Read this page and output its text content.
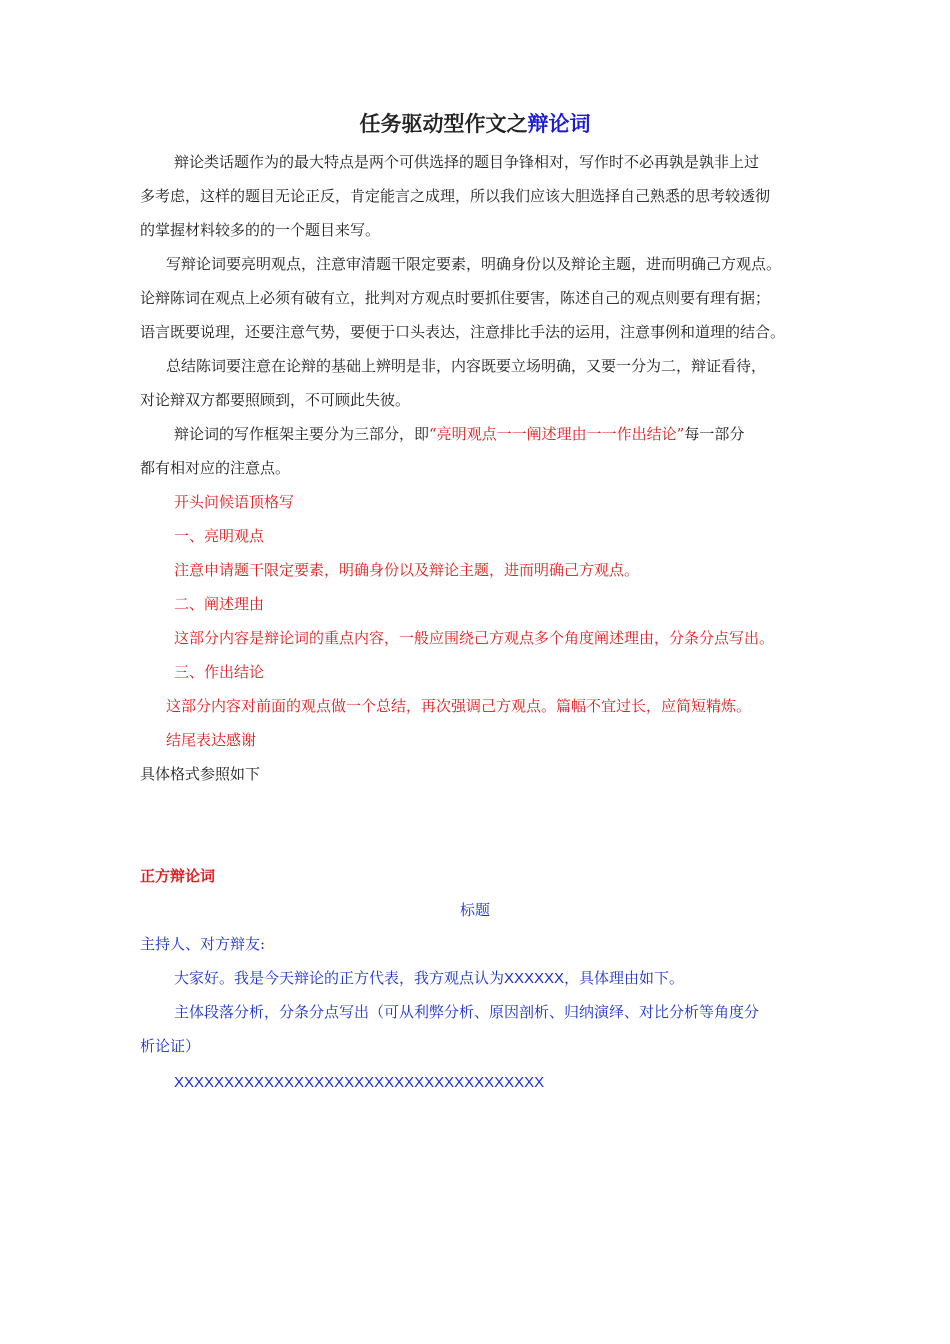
任务驱动型作文之辩论词
辩论类话题作为的最大特点是两个可供选择的题目争锋相对，写作时不必再孰是孰非上过
多考虑，这样的题目无论正反，肯定能言之成理，所以我们应该大胆选择自己熟悉的思考较透彻
的掌握材料较多的的一个题目来写。
写辩论词要亮明观点，注意审清题干限定要素，明确身份以及辩论主题，进而明确己方观点。
论辩陈词在观点上必须有破有立，批判对方观点时要抓住要害，陈述自己的观点则要有理有据；
语言既要说理，还要注意气势，要便于口头表达，注意排比手法的运用，注意事例和道理的结合。
总结陈词要注意在论辩的基础上辨明是非，内容既要立场明确，又要一分为二，辩证看待，
对论辩双方都要照顾到，不可顾此失彼。
辩论词的写作框架主要分为三部分，即“亮明观点一一阐述理由一一作出结论”每一部分
都有相对应的注意点。
开头问候语顶格写
一、亮明观点
注意申请题干限定要素，明确身份以及辩论主题，进而明确己方观点。
二、阐述理由
这部分内容是辩论词的重点内容，一般应围绕己方观点多个角度阐述理由，分条分点写出。
三、作出结论
这部分内容对前面的观点做一个总结，再次强调己方观点。篇幅不宜过长，应简短精炼。
结尾表达感谢
具体格式参照如下
正方辩论词
标题
主持人、对方辩友:
大家好。我是今天辩论的正方代表，我方观点认为XXXXXX，具体理由如下。
主体段落分析，分条分点写出（可从利弊分析、原因剖析、归纳演绎、对比分析等角度分
析论证）
XXXXXXXXXXXXXXXXXXXXXXXXXXXXXXXXXXXXX
